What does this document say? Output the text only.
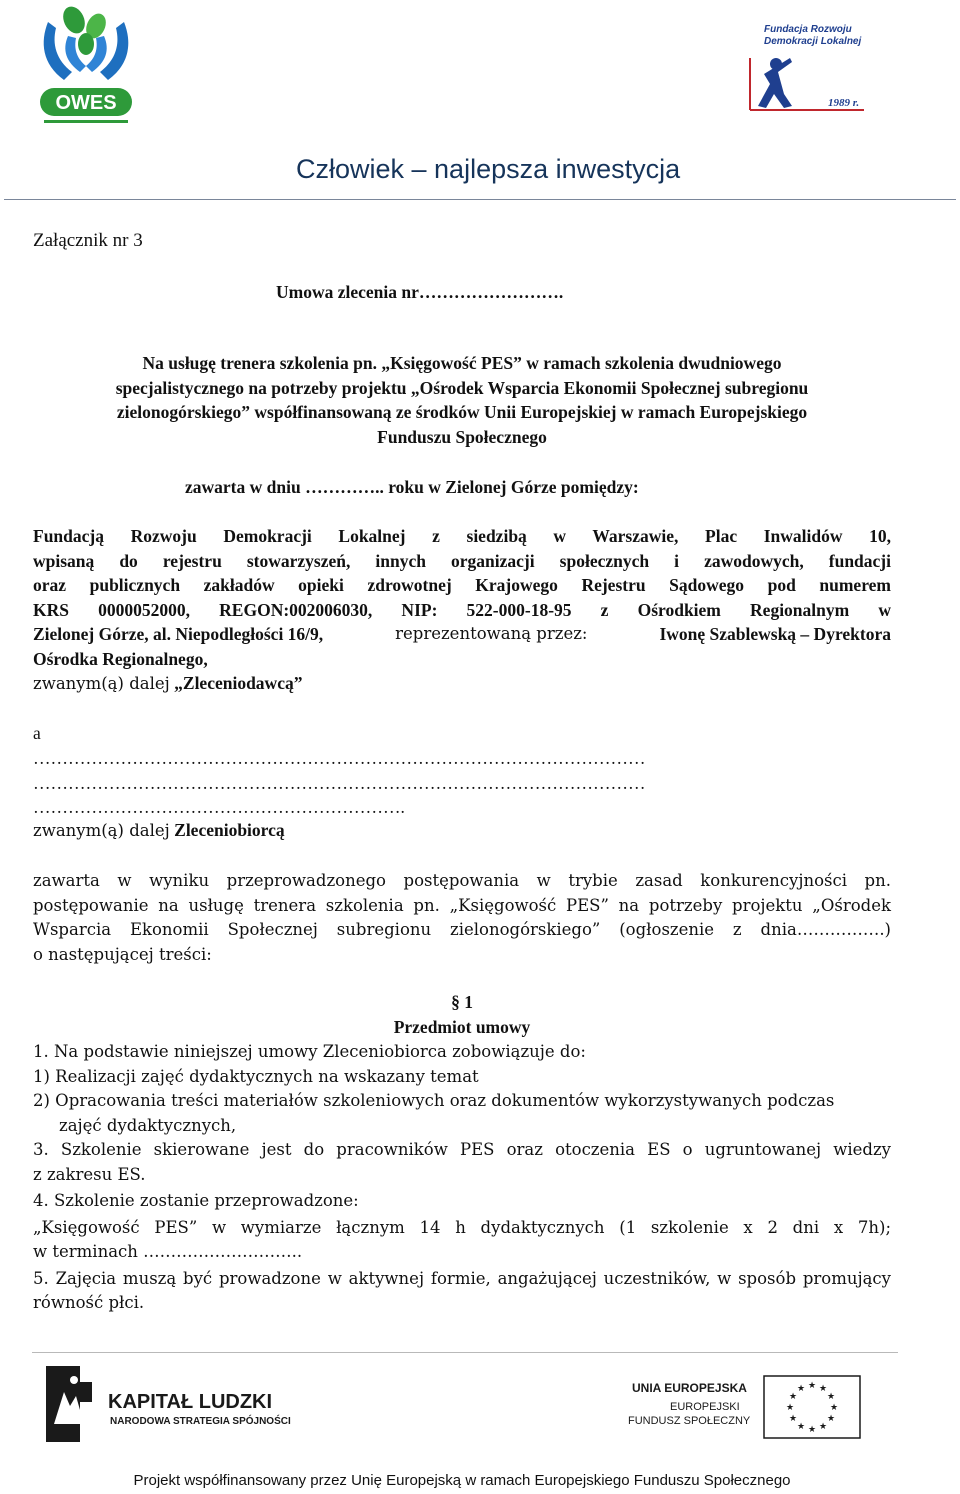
OWES
Fundacja Rozwoju
Demokracji Lokalnej
1989 r.
Człowiek – najlepsza inwestycja
Załącznik nr 3
Umowa zlecenia nr…………………….
Na usługę trenera szkolenia pn. „Księgowość PES” w ramach szkolenia dwudniowego
specjalistycznego na potrzeby projektu „Ośrodek Wsparcia Ekonomii Społecznej subregionu
zielonogórskiego” współfinansowaną ze środków Unii Europejskiej w ramach Europejskiego
Funduszu Społecznego
zawarta w dniu ………….. roku w Zielonej Górze pomiędzy:
Fundacją Rozwoju Demokracji Lokalnej z siedzibą w Warszawie, Plac Inwalidów 10,
wpisaną do rejestru stowarzyszeń, innych organizacji społecznych i zawodowych, fundacji
oraz publicznych zakładów opieki zdrowotnej Krajowego Rejestru Sądowego pod numerem
KRS 0000052000, REGON:002006030, NIP: 522-000-18-95 z Ośrodkiem Regionalnym w
Zielonej Górze, al. Niepodległości 16/9,	reprezentowaną przez:	Iwonę Szablewską – Dyrektora
Ośrodka Regionalnego,
zwanym(ą) dalej „Zleceniodawcą”
a
……………………………………………………………………………………………
……………………………………………………………………………………………
……………………………………………………….
zwanym(ą) dalej Zleceniobiorcą
zawarta w wyniku przeprowadzonego postępowania w trybie zasad konkurencyjności pn.
postępowanie na usługę trenera szkolenia pn. „Księgowość PES” na potrzeby projektu „Ośrodek
Wsparcia Ekonomii Społecznej subregionu zielonogórskiego” (ogłoszenie z dnia…………….)
o następującej treści:
§ 1
Przedmiot umowy
1. Na podstawie niniejszej umowy Zleceniobiorca zobowiązuje do:
1) Realizacji zajęć dydaktycznych na wskazany temat
2) Opracowania treści materiałów szkoleniowych oraz dokumentów wykorzystywanych podczas
zajęć dydaktycznych,
3. Szkolenie skierowane jest do pracowników PES oraz otoczenia ES o ugruntowanej wiedzy
z zakresu ES.
4. Szkolenie zostanie przeprowadzone:
„Księgowość PES” w wymiarze łącznym 14 h dydaktycznych (1 szkolenie x 2 dni x 7h);
w terminach ………………………..
5. Zajęcia muszą być prowadzone w aktywnej formie, angażującej uczestników, w sposób promujący
równość płci.
KAPITAŁ LUDZKI
NARODOWA STRATEGIA SPÓJNOŚCI
UNIA EUROPEJSKA
EUROPEJSKI
FUNDUSZ SPOŁECZNY
★ ★
★
★
★
★
★
★
★
★
★
★
Projekt współfinansowany przez Unię Europejską w ramach Europejskiego Funduszu Społecznego
